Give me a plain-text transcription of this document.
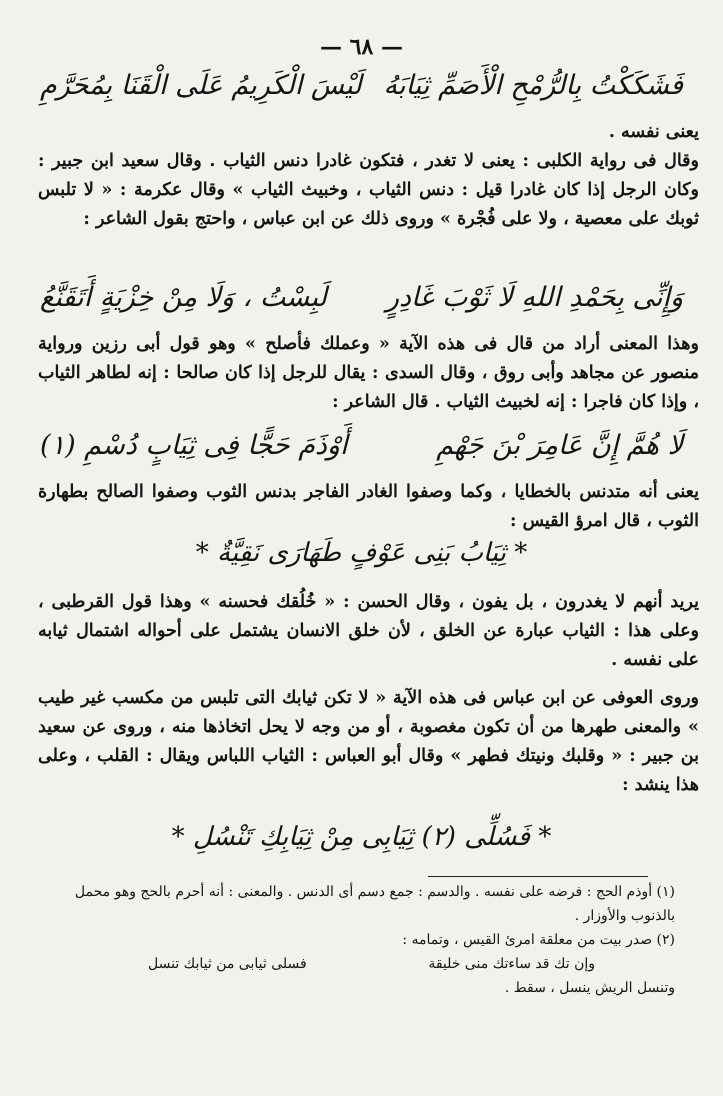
— ٦٨ —
فَشَكَكْتُ بِالرُّمْحِ الْأَصَمِّ ثِيَابَهُ
لَيْسَ الْكَرِيمُ عَلَى الْقَنَا بِمُحَرَّمِ

يعنى نفسه .
وقال فى رواية الكلبى : يعنى لا تغدر ، فتكون غادرا دنس الثياب . وقال سعيد ابن جبير : وكان الرجل إذا كان غادرا قيل : دنس الثياب ، وخبيث الثياب » وقال عكرمة : « لا تلبس ثوبك على معصية ، ولا على فُجْرة » وروى ذلك عن ابن عباس ، واحتج بقول الشاعر :

وَإِنِّى بِحَمْدِ اللهِ لَا ثَوْبَ غَادِرٍ
لَبِسْتُ ، وَلَا مِنْ خِزْيَةٍ أَتَقَنَّعُ

وهذا المعنى أراد من قال فى هذه الآية « وعملك فأصلح » وهو قول أبى رزين ورواية منصور عن مجاهد وأبى روق ، وقال السدى : يقال للرجل إذا كان صالحا : إنه لطاهر الثياب ، وإذا كان فاجرا : إنه لخبيث الثياب . قال الشاعر :

لَا هُمَّ إِنَّ عَامِرَ بْنَ جَهْمِ
أَوْذَمَ حَجًّا فِى ثِيَابٍ دُسْمِ (١)

يعنى أنه متدنس بالخطايا ، وكما وصفوا الغادر الفاجر بدنس الثوب وصفوا الصالح بطهارة الثوب ، قال امرؤ القيس :

* ثِيَابُ بَنِى عَوْفٍ طَهَارَى نَقِيَّةٌ *

يريد أنهم لا يغدرون ، بل يفون ، وقال الحسن : « خُلُقك فحسنه » وهذا قول القرطبى ، وعلى هذا : الثياب عبارة عن الخلق ، لأن خلق الانسان يشتمل على أحواله اشتمال ثيابه على نفسه .

وروى العوفى عن ابن عباس فى هذه الآية « لا تكن ثيابك التى تلبس من مكسب غير طيب » والمعنى طهرها من أن تكون مغصوبة ، أو من وجه لا يحل اتخاذها منه ، وروى عن سعيد بن جبير : « وقلبك ونيتك فطهر » وقال أبو العباس : الثياب اللباس ويقال : القلب ، وعلى هذا ينشد :

* فَسُلِّى (٢) ثِيَابِى مِنْ ثِيَابِكِ تَنْسُلِ *

(١) أوذم الحج : فرضه على نفسه . والدسم : جمع دسم أى الدنس . والمعنى : أنه أحرم بالحج وهو محمل بالذنوب والأوزار .

(٢) صدر بيت من معلقة امرئ القيس ، وتمامه :

وإن تك قد ساءتك منى خليقة
فسلى ثيابى من ثيابك تنسل

وتنسل الريش ينسل ، سقط .
